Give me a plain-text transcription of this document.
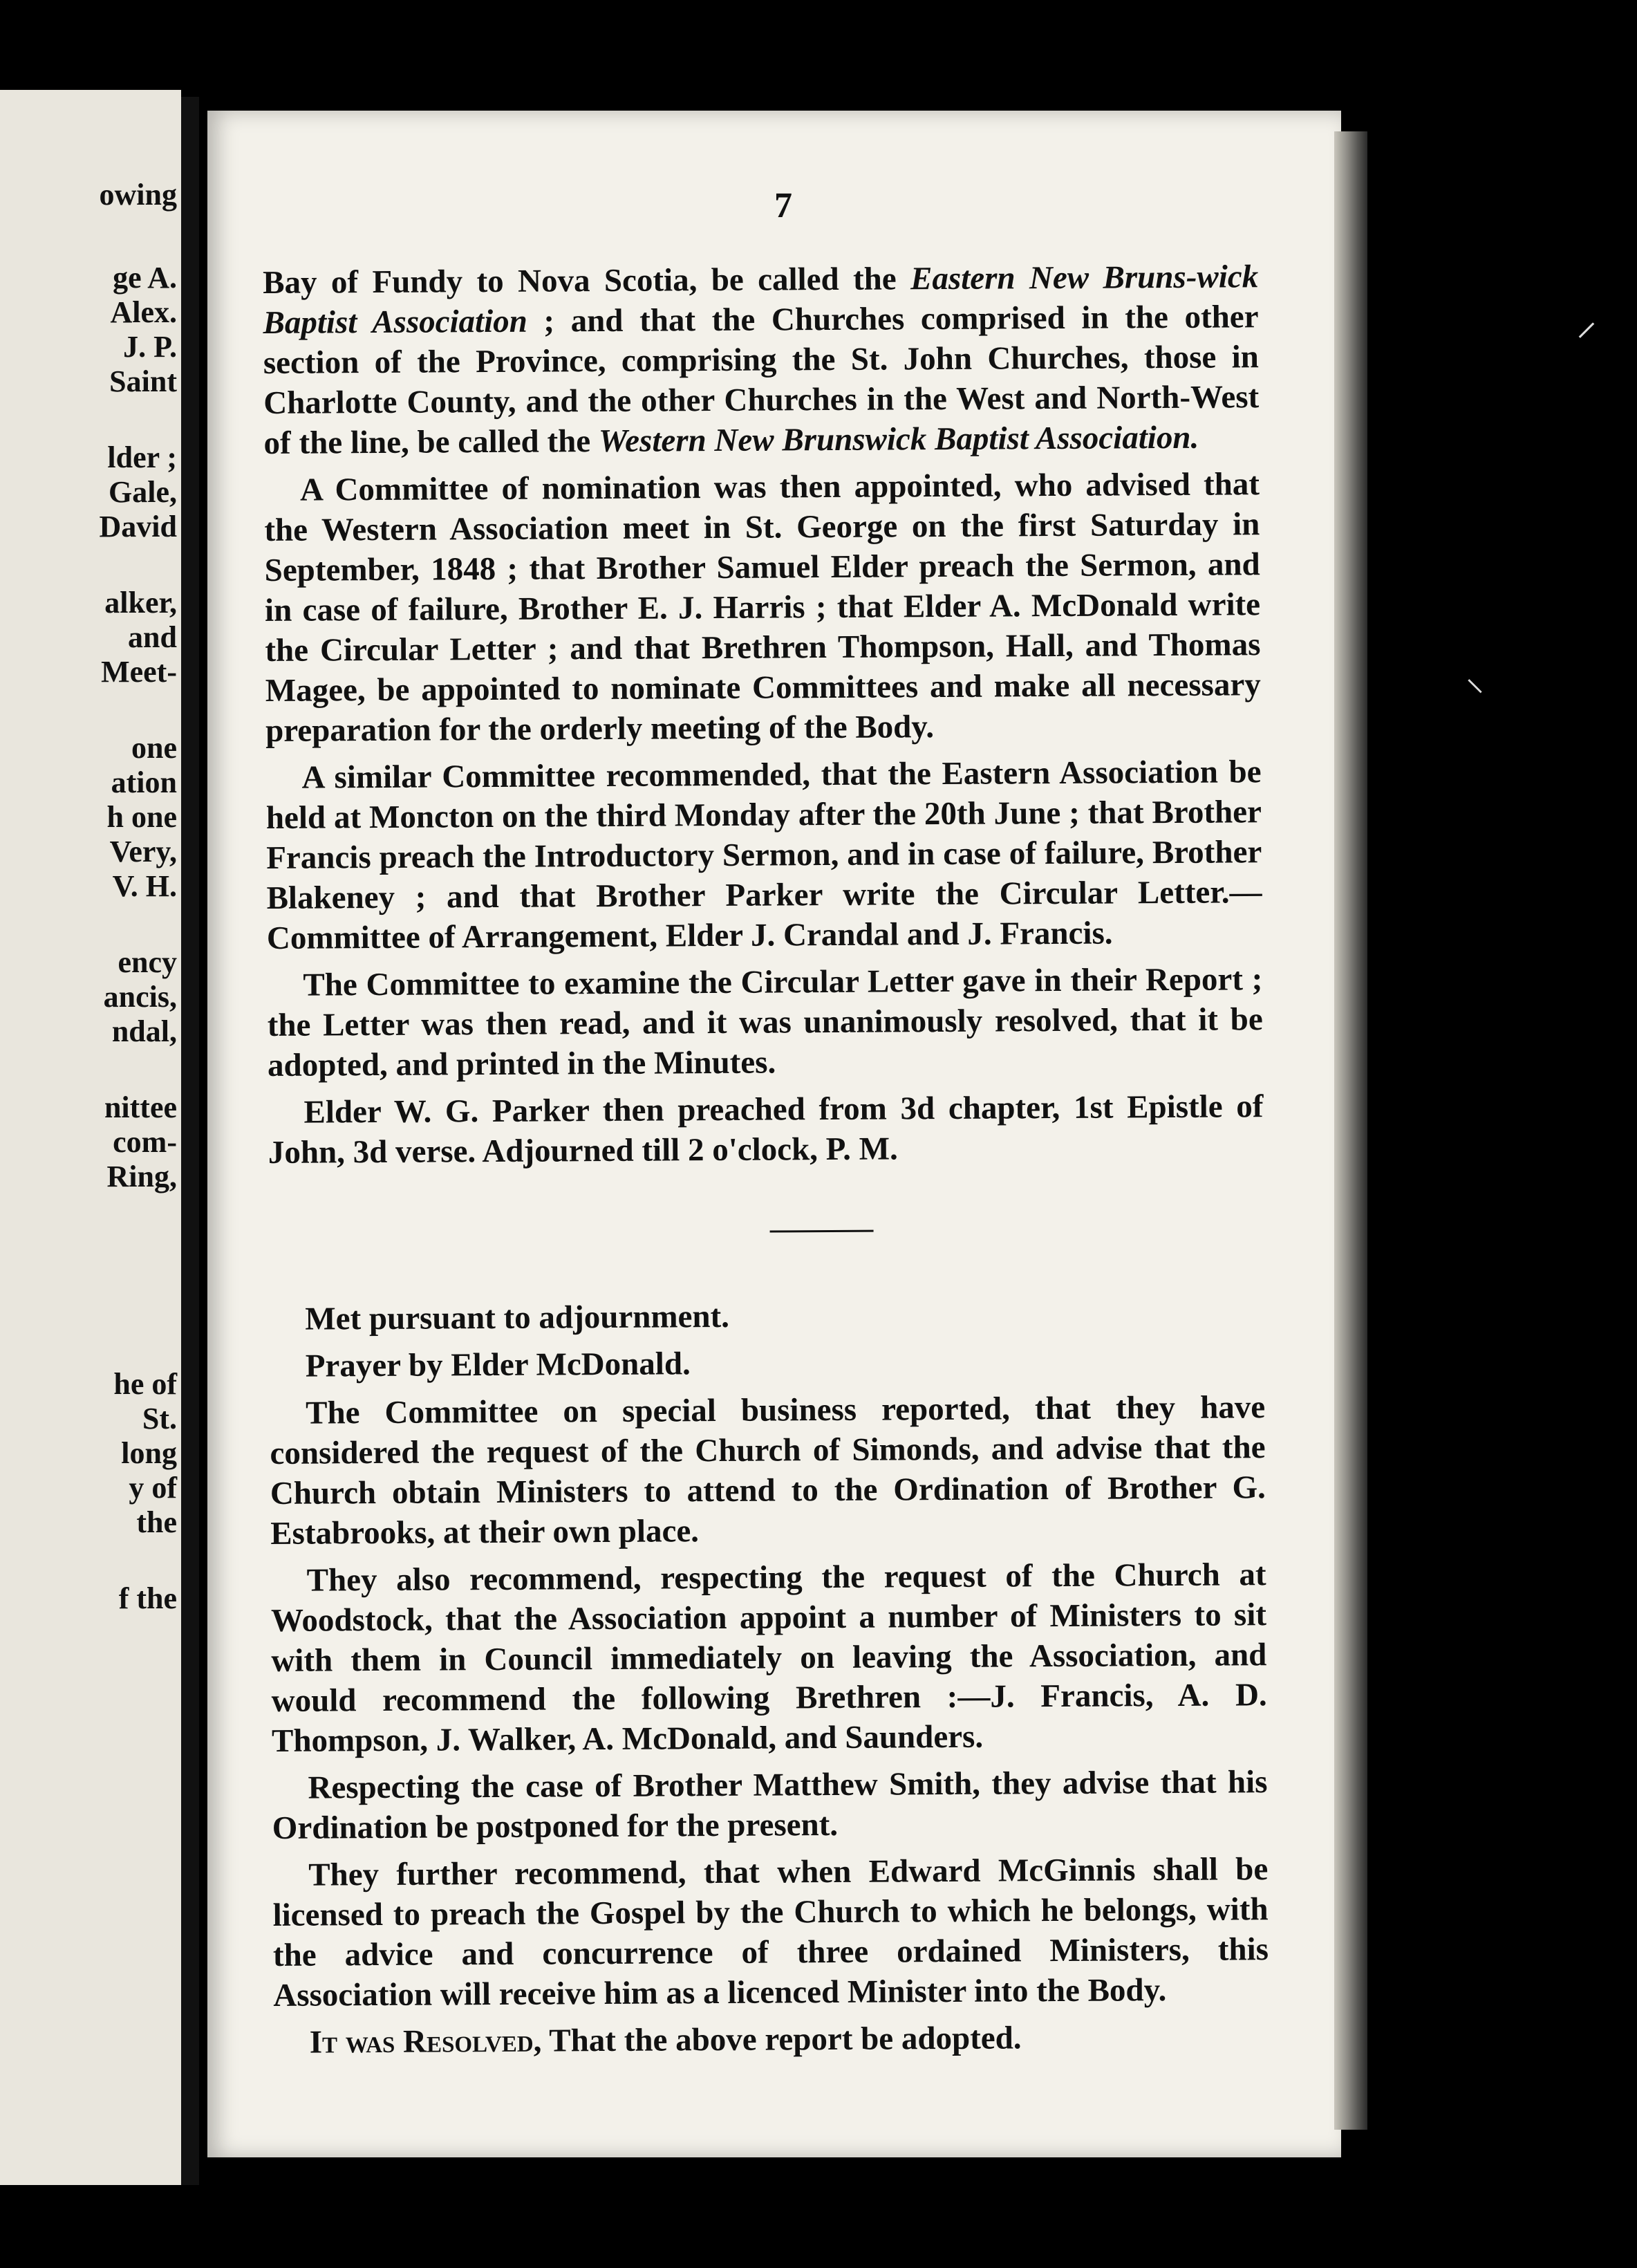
owing
ge A.
Alex.
J. P.
Saint
lder ;
Gale,
David
alker,
and
Meet-
one
ation
h one
Very,
V. H.
ency
ancis,
ndal,
nittee
com-
Ring,
he of
St.
long
y of
the
f the
7

Bay of Fundy to Nova Scotia, be called the Eastern New Bruns-wick Baptist Association ; and that the Churches comprised in the other section of the Province, comprising the St. John Churches, those in Charlotte County, and the other Churches in the West and North-West of the line, be called the Western New Brunswick Baptist Association.

A Committee of nomination was then appointed, who advised that the Western Association meet in St. George on the first Saturday in September, 1848 ; that Brother Samuel Elder preach the Sermon, and in case of failure, Brother E. J. Harris ; that Elder A. McDonald write the Circular Letter ; and that Brethren Thompson, Hall, and Thomas Magee, be appointed to nominate Committees and make all necessary preparation for the orderly meeting of the Body.

A similar Committee recommended, that the Eastern Association be held at Moncton on the third Monday after the 20th June ; that Brother Francis preach the Introductory Sermon, and in case of failure, Brother Blakeney ; and that Brother Parker write the Circular Letter.—Committee of Arrangement, Elder J. Crandal and J. Francis.

The Committee to examine the Circular Letter gave in their Report ; the Letter was then read, and it was unanimously resolved, that it be adopted, and printed in the Minutes.

Elder W. G. Parker then preached from 3d chapter, 1st Epistle of John, 3d verse. Adjourned till 2 o'clock, P. M.

Met pursuant to adjournment.

Prayer by Elder McDonald.

The Committee on special business reported, that they have considered the request of the Church of Simonds, and advise that the Church obtain Ministers to attend to the Ordination of Brother G. Estabrooks, at their own place.

They also recommend, respecting the request of the Church at Woodstock, that the Association appoint a number of Ministers to sit with them in Council immediately on leaving the Association, and would recommend the following Brethren :—J. Francis, A. D. Thompson, J. Walker, A. McDonald, and Saunders.

Respecting the case of Brother Matthew Smith, they advise that his Ordination be postponed for the present.

They further recommend, that when Edward McGinnis shall be licensed to preach the Gospel by the Church to which he belongs, with the advice and concurrence of three ordained Ministers, this Association will receive him as a licenced Minister into the Body.

It was Resolved, That the above report be adopted.

⸝
⸜
